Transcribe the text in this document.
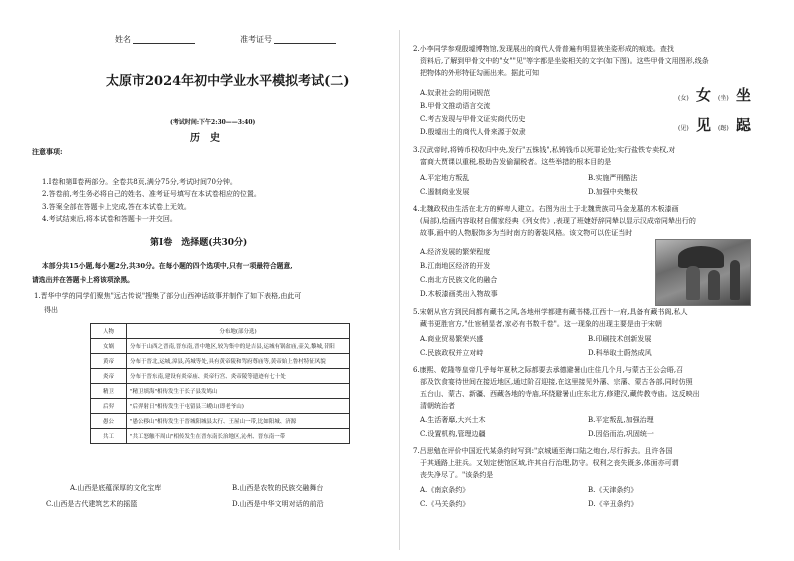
姓名	准考证号
太原市2024年初中学业水平模拟考试(二)
(考试时间:下午2:30——3:40)
历　史
注意事项:
1.Ⅰ卷和第Ⅱ卷两部分。全卷共8页,满分75分,考试时间70分钟。
2.答卷前,考生务必将自己的姓名、准考证号填写在本试卷相应的位置。
3.答案全部在答题卡上完成,答在本试卷上无效。
4.考试结束后,将本试卷和答题卡一并交回。
第Ⅰ卷　选择题(共30分)
本部分共15小题,每小题2分,共30分。在每小题的四个选项中,只有一项最符合题意,
请选出并在答题卡上将该项涂黑。
1.晋华中学的同学们聚焦"远古传说"搜集了部分山西神话故事并制作了如下表格,由此可
得出
人物	分布地(部分选)
女娲	分布于山西之晋南,晋东南,晋中地区,较为集中的是吉县,运城有锅盆庙,壶关,黎城,昔阳
黄帝	分布于晋北,运城,漳县,芮城等处,具有黄帝陵和驾府尊庙等,黄帝始上鲁村特征风貌
炎帝	分布于晋东南,建设有炎帝庙、炎帝行宫、炎帝陵等遗迹有七十处
精卫	"精卫填海"相传发生于长子县发鸠山
后羿	"后羿射日"相传发生于屯留县三嵕山(即老爷山)
愚公	"愚公移山"相传发生于晋城阳城县太行、王屋山一带,比如阳城、济源
共工	"共工怒触不周山"相传发生在晋东南长治地区,沁州、晋东南一带
A.山西是底蕴深厚的文化宝库	B.山西是农牧的民族交融舞台
C.山西是古代建筑艺术的摇篮	D.山西是中华文明对话的前沿
2.小李同学参观殷墟博物馆,发现展出的商代人骨普遍有明显被坐姿形成的痕迹。查找
资料后,了解到甲骨文中的"女""见"等字都是坐姿相关的文字(如下图)。这些甲骨文用图形,线条
把物体的外形特征勾画出来。据此可知
A.奴隶社会的用词规范
B.甲骨文推动语言交流
C.考古发现与甲骨文证实商代历史
D.殷墟出土的商代人骨来源于奴隶
(女) 女 (坐) 坐
(见) 见 (跽) 跽
3.汉武帝时,将铸币权收归中央,发行"五铢钱",私铸钱币以死罪论处;实行盐铁专卖权,对
富商大贾课以重税,极助告发偷漏税者。这些举措的根本目的是
A.平定地方叛乱	B.实施严刑酷法
C.遏制商业发展	D.加强中央集权
4.北魏政权由生活在北方的鲜卑人建立。右图为出土于北魏贵族司马金龙墓的木板漆画
(局部),绘画内容取材自儒家经典《列女传》,表现了班婕妤辞同辇以显示汉成帝同辇出行的
故事,画中的人物服饰多为当时南方的奢装风格。该文物可以佐证当时
A.经济发展的繁荣程度
B.江南地区经济的开发
C.南北方民族文化的融合
D.木板漆画类出入物故事
5.宋朝从官方到民间都有藏书之风,各地州学都建有藏书楼,江西十一府,具备有藏书阁,私人
藏书更胜官方,"仕宦稍显者,家必有书数千卷"。这一现象的出现主要是由于宋朝
A.商业贸易繁荣兴盛	B.印刷技术创新发展
C.民族政权并立对峙	D.科举取士蔚然成风
6.康熙、乾隆等皇帝几乎每年夏秋之际都要去承德避暑山庄住几个月,与蒙古王公会晤,召
部及饮食宴待世间在接近地区,通过阶召迎接,在这里接见外藩、宗藩、蒙古各部,同时仿照
五台山、蒙古、新疆、西藏各地的寺庙,环绕避暑山庄东北方,修建汉,藏传教寺庙。这反映出
清朝统治者
A.生活奢靡,大兴土木	B.平定叛乱,加强治理
C.设置机构,管理边疆	D.因俗而治,巩固统一
7.吕思勉在评价中国近代某条约时写到:"京城通至海口陆之炮台,尽行拆去。且许各国
于其通路上驻兵。又划定使馆区域,许其自行治理,防守。权利之丧失既多,体面亦可谓
丧失净尽了。"该条约是
A.《南京条约》	B.《天津条约》
C.《马关条约》	D.《辛丑条约》
